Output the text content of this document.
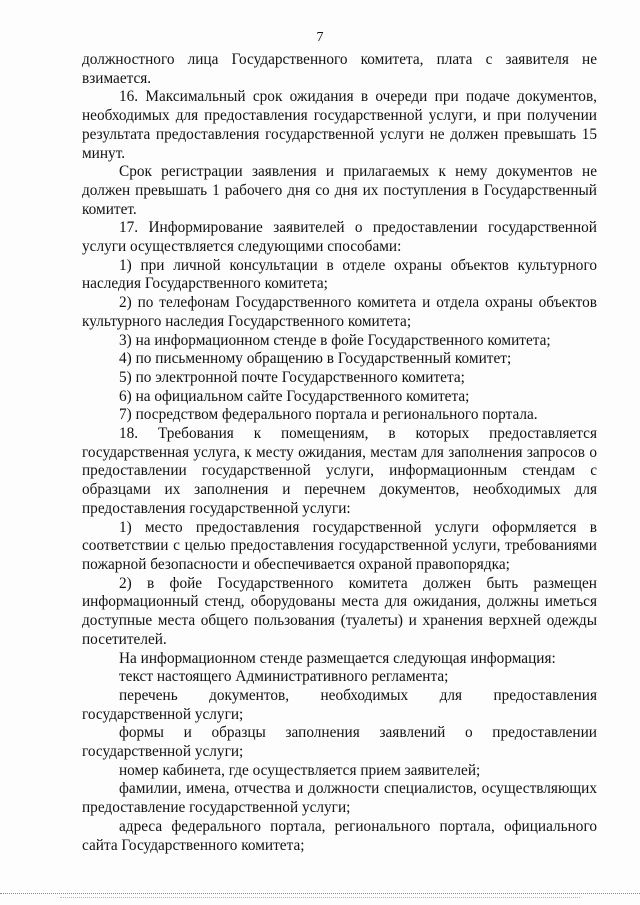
7

должностного лица Государственного комитета, плата с заявителя не взимается.

16. Максимальный срок ожидания в очереди при подаче документов, необходимых для предоставления государственной услуги, и при получении результата предоставления государственной услуги не должен превышать 15 минут.

Срок регистрации заявления и прилагаемых к нему документов не должен превышать 1 рабочего дня со дня их поступления в Государственный комитет.

17. Информирование заявителей о предоставлении государственной услуги осуществляется следующими способами:

1) при личной консультации в отделе охраны объектов культурного наследия Государственного комитета;

2) по телефонам Государственного комитета и отдела охраны объектов культурного наследия Государственного комитета;

3) на информационном стенде в фойе Государственного комитета;

4) по письменному обращению в Государственный комитет;

5) по электронной почте Государственного комитета;

6) на официальном сайте Государственного комитета;

7) посредством федерального портала и регионального портала.

18. Требования к помещениям, в которых предоставляется государственная услуга, к месту ожидания, местам для заполнения запросов о предоставлении государственной услуги, информационным стендам с образцами их заполнения и перечнем документов, необходимых для предоставления государственной услуги:

1) место предоставления государственной услуги оформляется в соответствии с целью предоставления государственной услуги, требованиями пожарной безопасности и обеспечивается охраной правопорядка;

2) в фойе Государственного комитета должен быть размещен информационный стенд, оборудованы места для ожидания, должны иметься доступные места общего пользования (туалеты) и хранения верхней одежды посетителей.

На информационном стенде размещается следующая информация:

текст настоящего Административного регламента;

перечень документов, необходимых для предоставления государственной услуги;

формы и образцы заполнения заявлений о предоставлении государственной услуги;

номер кабинета, где осуществляется прием заявителей;

фамилии, имена, отчества и должности специалистов, осуществляющих предоставление государственной услуги;

адреса федерального портала, регионального портала, официального сайта Государственного комитета;
